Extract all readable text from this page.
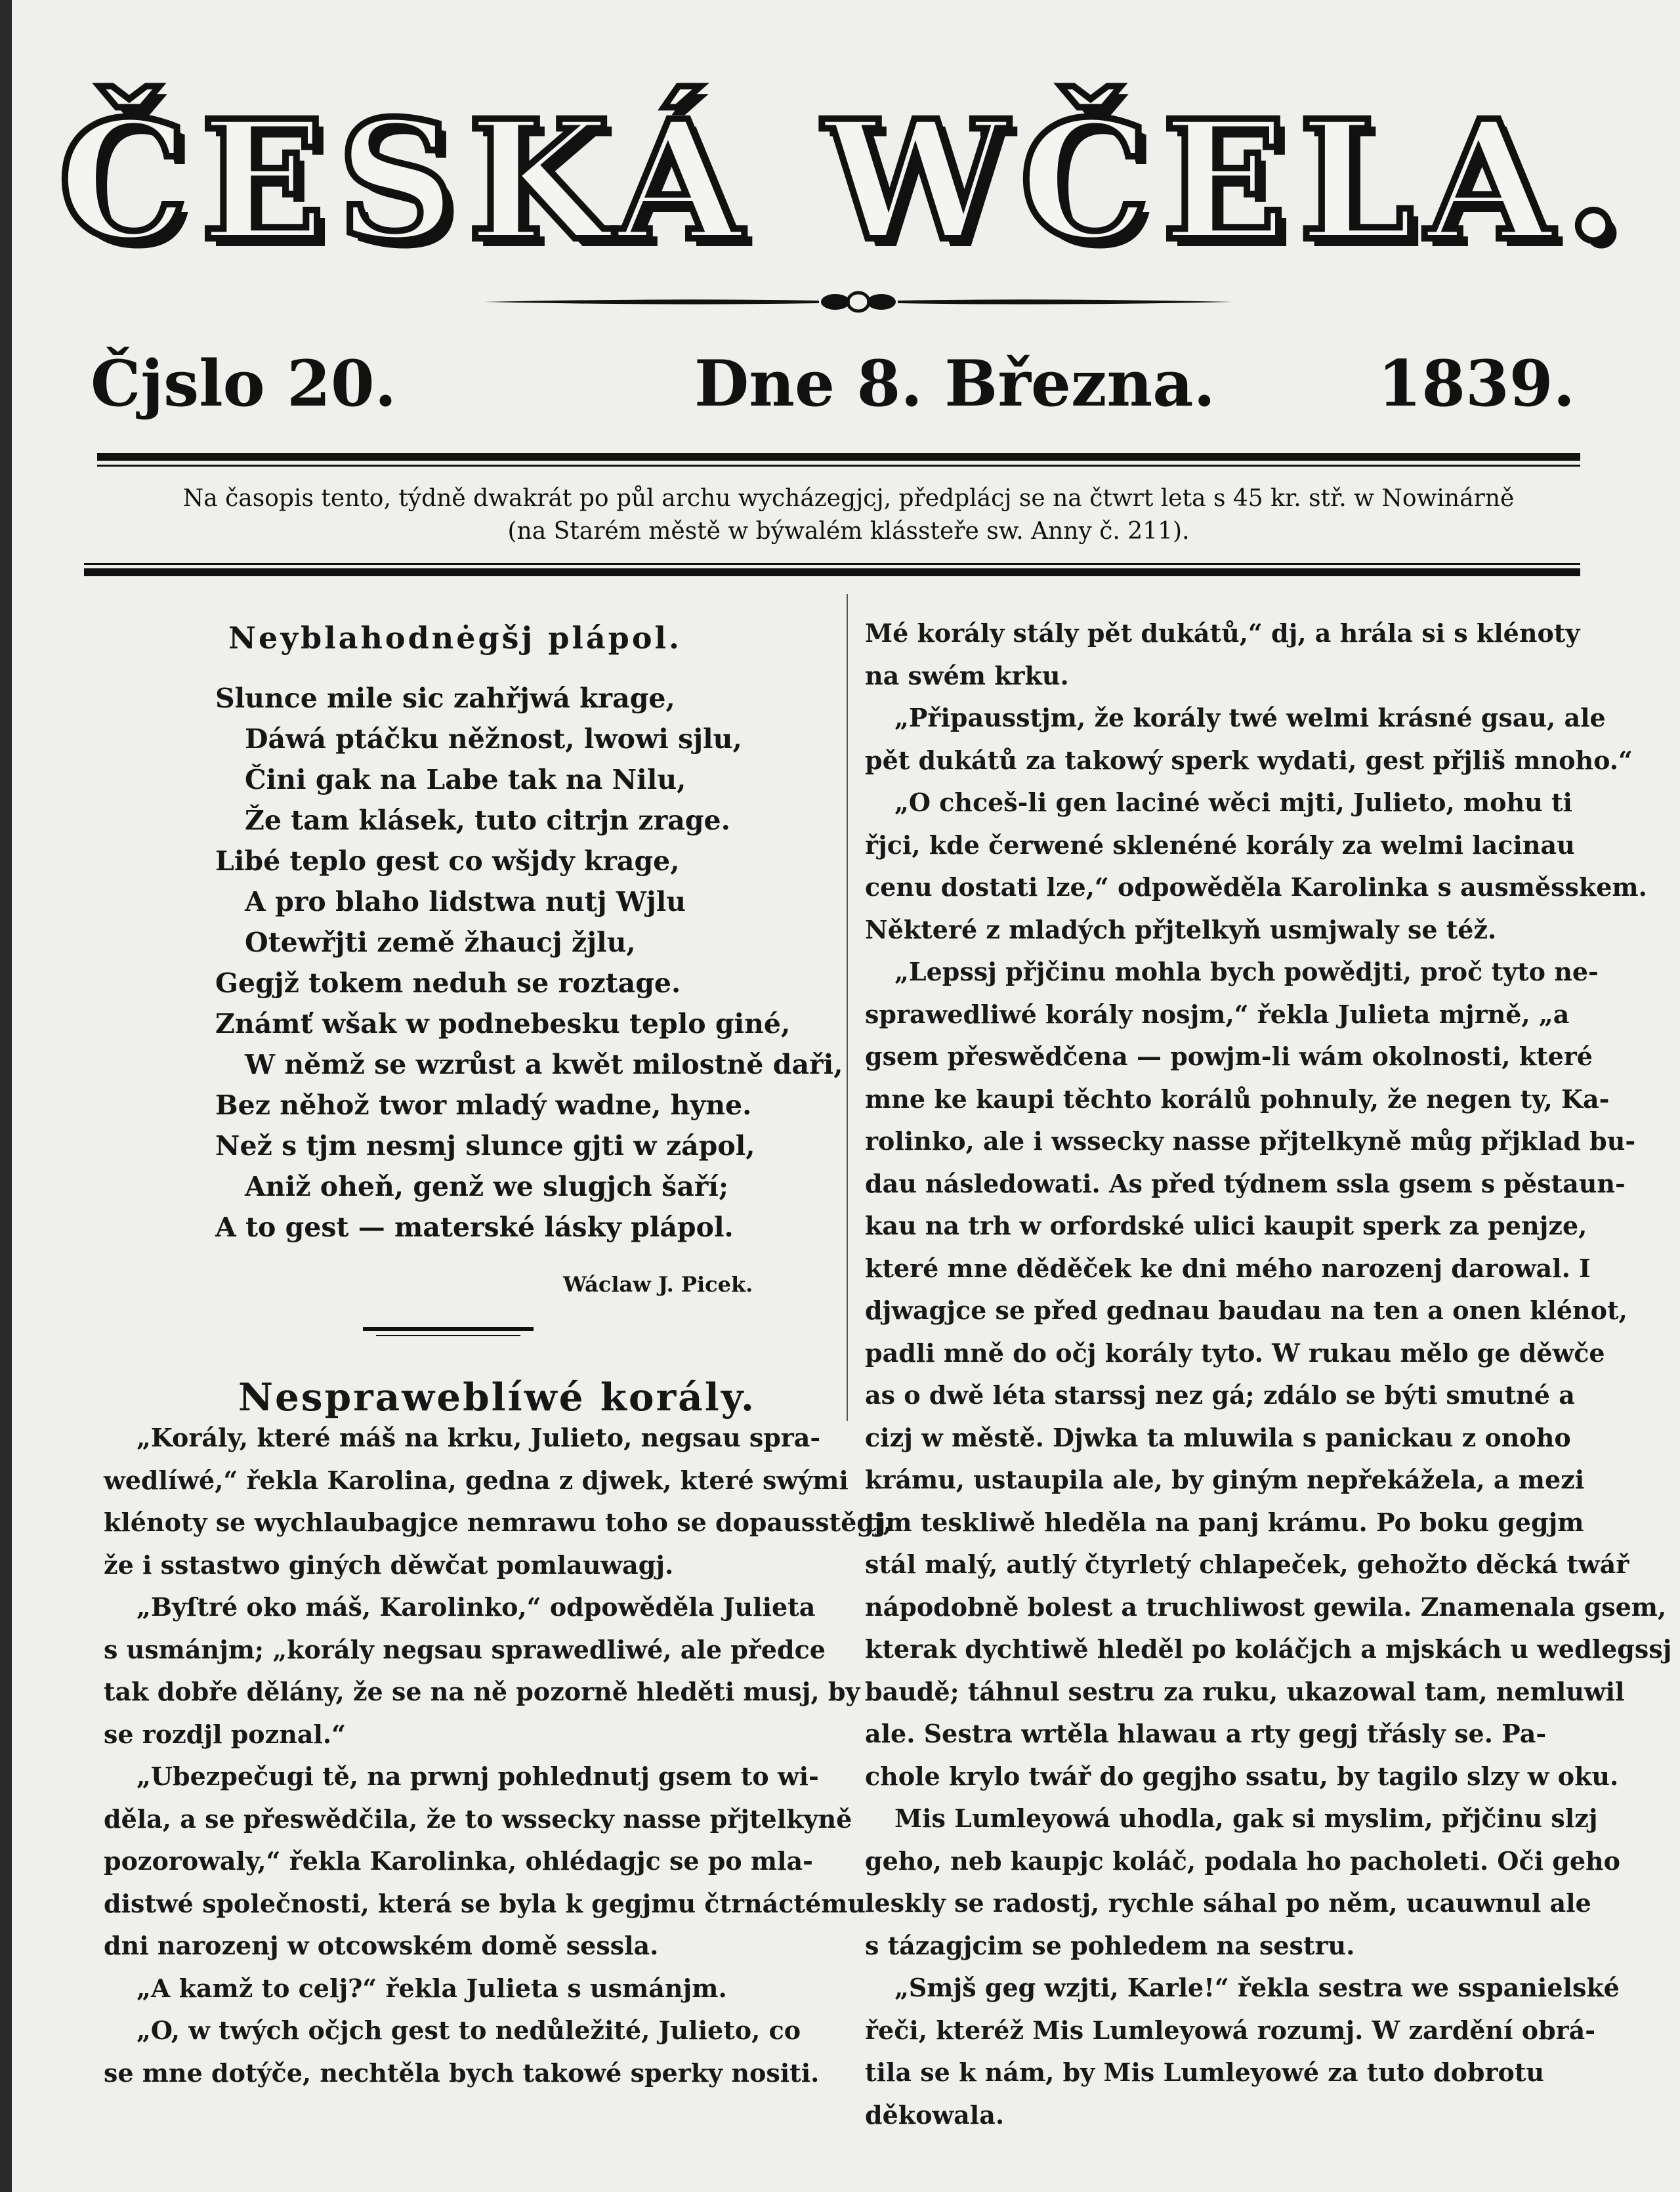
ČESKÁ WČELA.
Čjslo 20.	Dne 8. Března.	1839.
Na časopis tento, týdně dwakrát po půl archu wycházegjcj, předplácj se na čtwrt leta s 45 kr. stř. w Nowinárně
(na Starém městě w býwalém klássteře sw. Anny č. 211).
Neyblahodnėgšj plápol.
Slunce mile sic zahřjwá krage,
Dáwá ptáčku něžnost, lwowi sjlu,
Čini gak na Labe tak na Nilu,
Že tam klásek, tuto citrjn zrage.
Libé teplo gest co wšjdy krage,
A pro blaho lidstwa nutj Wjlu
Otewřjti země žhaucj žjlu,
Gegjž tokem neduh se roztage.
Známť wšak w podnebesku teplo giné,
W němž se wzrůst a kwět milostně daři,
Bez něhož twor mladý wadne, hyne.
Než s tjm nesmj slunce gjti w zápol,
Aniž oheň, genž we slugjch šaří;
A to gest — materské lásky plápol.
Wáclaw J. Picek.
Nespraweblíwé korály.
„Korály, které máš na krku, Julieto, negsau spra-
wedlíwé,“ řekla Karolina, gedna z djwek, které swými
klénoty se wychlaubagjce nemrawu toho se dopausstěgj,
že i sstastwo giných děwčat pomlauwagj.
„Byſtré oko máš, Karolinko,“ odpowěděla Julieta
s usmánjm; „korály negsau sprawedliwé, ale předce
tak dobře dělány, že se na ně pozorně hleděti musj, by
se rozdjl poznal.“
„Ubezpečugi tě, na prwnj pohlednutj gsem to wi-
děla, a se přeswědčila, že to wssecky nasse přjtelkyně
pozorowaly,“ řekla Karolinka, ohlédagjc se po mla-
distwé společnosti, která se byla k gegjmu čtrnáctému
dni narozenj w otcowském domě sessla.
„A kamž to celj?“ řekla Julieta s usmánjm.
„O, w twých očjch gest to nedůležité, Julieto, co
se mne dotýče, nechtěla bych takowé sperky nositi.
Mé korály stály pět dukátů,“ dj, a hrála si s klénoty
na swém krku.
„Připausstjm, že korály twé welmi krásné gsau, ale
pět dukátů za takowý sperk wydati, gest přjliš mnoho.“
„O chceš-li gen laciné wěci mjti, Julieto, mohu ti
řjci, kde čerwené sklenéné korály za welmi lacinau
cenu dostati lze,“ odpowěděla Karolinka s ausměsskem.
Některé z mladých přjtelkyň usmjwaly se též.
„Lepssj přjčinu mohla bych powědjti, proč tyto ne-
sprawedliwé korály nosjm,“ řekla Julieta mjrně, „a
gsem přeswědčena — powjm-li wám okolnosti, které
mne ke kaupi těchto korálů pohnuly, že negen ty, Ka-
rolinko, ale i wssecky nasse přjtelkyně můg přjklad bu-
dau následowati. As před týdnem ssla gsem s pěstaun-
kau na trh w orfordské ulici kaupit sperk za penjze,
které mne děděček ke dni mého narozenj darowal. I
djwagjce se před gednau baudau na ten a onen klénot,
padli mně do očj korály tyto. W rukau mělo ge děwče
as o dwě léta starssj nez gá; zdálo se býti smutné a
cizj w městě. Djwka ta mluwila s panickau z onoho
krámu, ustaupila ale, by giným nepřekážela, a mezi
tjm teskliwě hleděla na panj krámu. Po boku gegjm
stál malý, autlý čtyrletý chlapeček, gehožto děcká twář
nápodobně bolest a truchliwost gewila. Znamenala gsem,
kterak dychtiwě hleděl po koláčjch a mjskách u wedlegssj
baudě; táhnul sestru za ruku, ukazowal tam, nemluwil
ale. Sestra wrtěla hlawau a rty gegj třásly se. Pa-
chole krylo twář do gegjho ssatu, by tagilo slzy w oku.
Mis Lumleyowá uhodla, gak si myslim, přjčinu slzj
geho, neb kaupjc koláč, podala ho pacholeti. Oči geho
leskly se radostj, rychle sáhal po něm, ucauwnul ale
s tázagjcim se pohledem na sestru.
„Smjš geg wzjti, Karle!“ řekla sestra we sspanielské
řeči, kteréž Mis Lumleyowá rozumj. W zardění obrá-
tila se k nám, by Mis Lumleyowé za tuto dobrotu
děkowala.
